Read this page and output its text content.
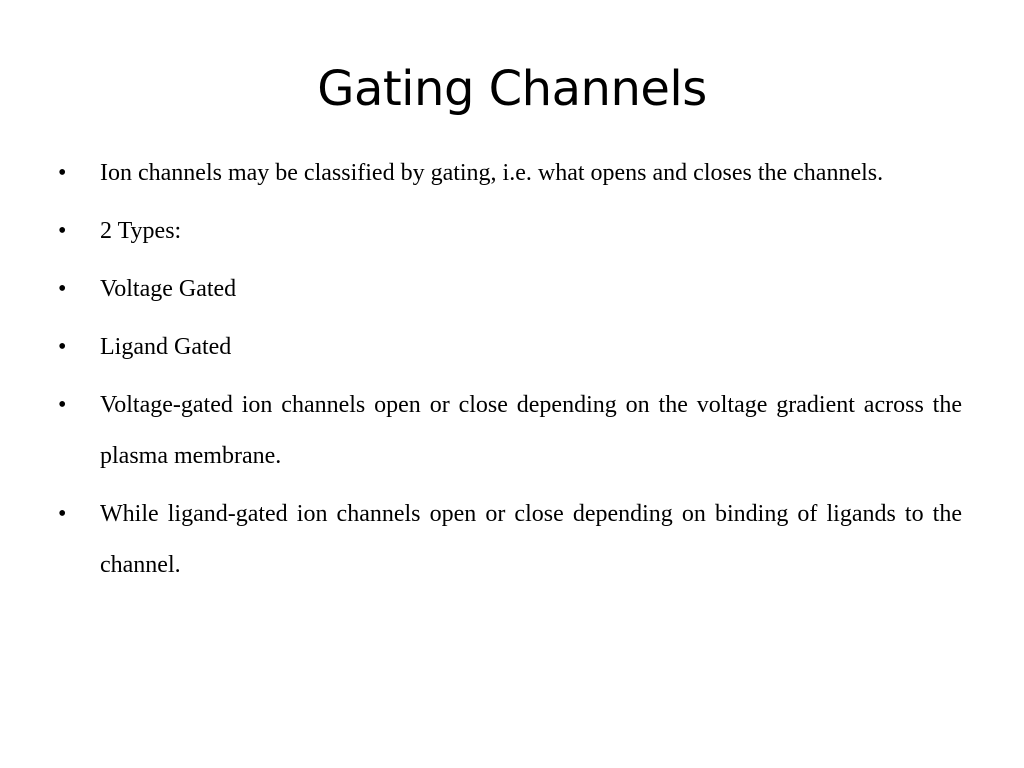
Gating Channels
• Ion channels may be classified by gating, i.e. what opens and closes the channels.
• 2 Types:
• Voltage Gated
• Ligand Gated
• Voltage-gated ion channels open or close depending on the voltage gradient across the plasma membrane.
• While ligand-gated ion channels open or close depending on binding of ligands to the channel.
